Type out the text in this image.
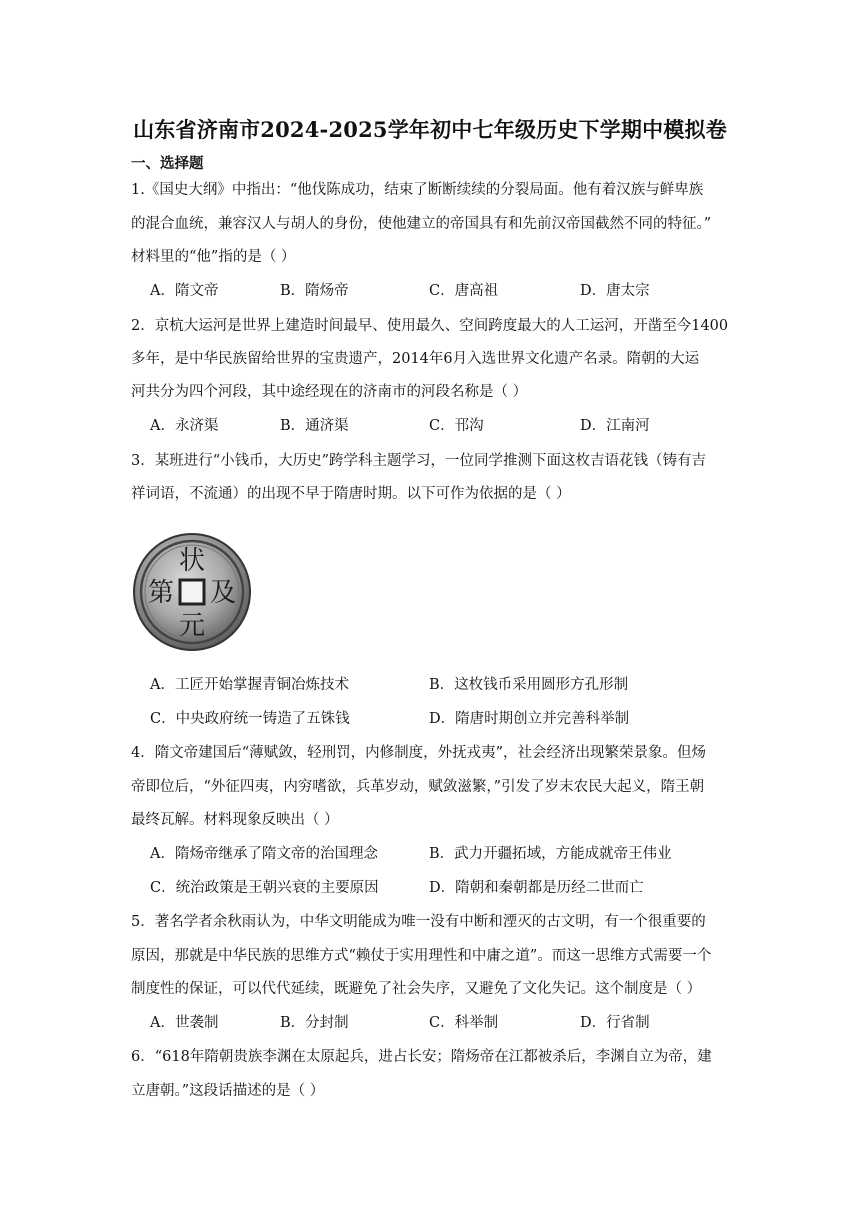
山东省济南市2024-2025学年初中七年级历史下学期中模拟卷
一、选择题
1.《国史大纲》中指出：“他伐陈成功，结束了断断续续的分裂局面。他有着汉族与鲜卑族
的混合血统，兼容汉人与胡人的身份，使他建立的帝国具有和先前汉帝国截然不同的特征。”
材料里的“他”指的是（ ）
A．隋文帝	B．隋炀帝	C．唐高祖	D．唐太宗
2．京杭大运河是世界上建造时间最早、使用最久、空间跨度最大的人工运河，开凿至今1400
多年，是中华民族留给世界的宝贵遗产，2014年6月入选世界文化遗产名录。隋朝的大运
河共分为四个河段，其中途经现在的济南市的河段名称是（ ）
A．永济渠	B．通济渠	C．邗沟	D．江南河
3．某班进行“小钱币，大历史”跨学科主题学习，一位同学推测下面这枚吉语花钱（铸有吉
祥词语，不流通）的出现不早于隋唐时期。以下可作为依据的是（ ）
状
及
元
第
A．工匠开始掌握青铜冶炼技术	B．这枚钱币采用圆形方孔形制
C．中央政府统一铸造了五铢钱	D．隋唐时期创立并完善科举制
4．隋文帝建国后“薄赋敛，轻刑罚，内修制度，外抚戎夷”，社会经济出现繁荣景象。但炀
帝即位后，“外征四夷，内穷嗜欲，兵革岁动，赋敛滋繁，”引发了岁末农民大起义，隋王朝
最终瓦解。材料现象反映出（ ）
A．隋炀帝继承了隋文帝的治国理念	B．武力开疆拓域，方能成就帝王伟业
C．统治政策是王朝兴衰的主要原因	D．隋朝和秦朝都是历经二世而亡
5．著名学者余秋雨认为，中华文明能成为唯一没有中断和湮灭的古文明，有一个很重要的
原因，那就是中华民族的思维方式“赖仗于实用理性和中庸之道”。而这一思维方式需要一个
制度性的保证，可以代代延续，既避免了社会失序，又避免了文化失记。这个制度是（ ）
A．世袭制	B．分封制	C．科举制	D．行省制
6．“618年隋朝贵族李渊在太原起兵，进占长安；隋炀帝在江都被杀后，李渊自立为帝，建
立唐朝。”这段话描述的是（ ）
